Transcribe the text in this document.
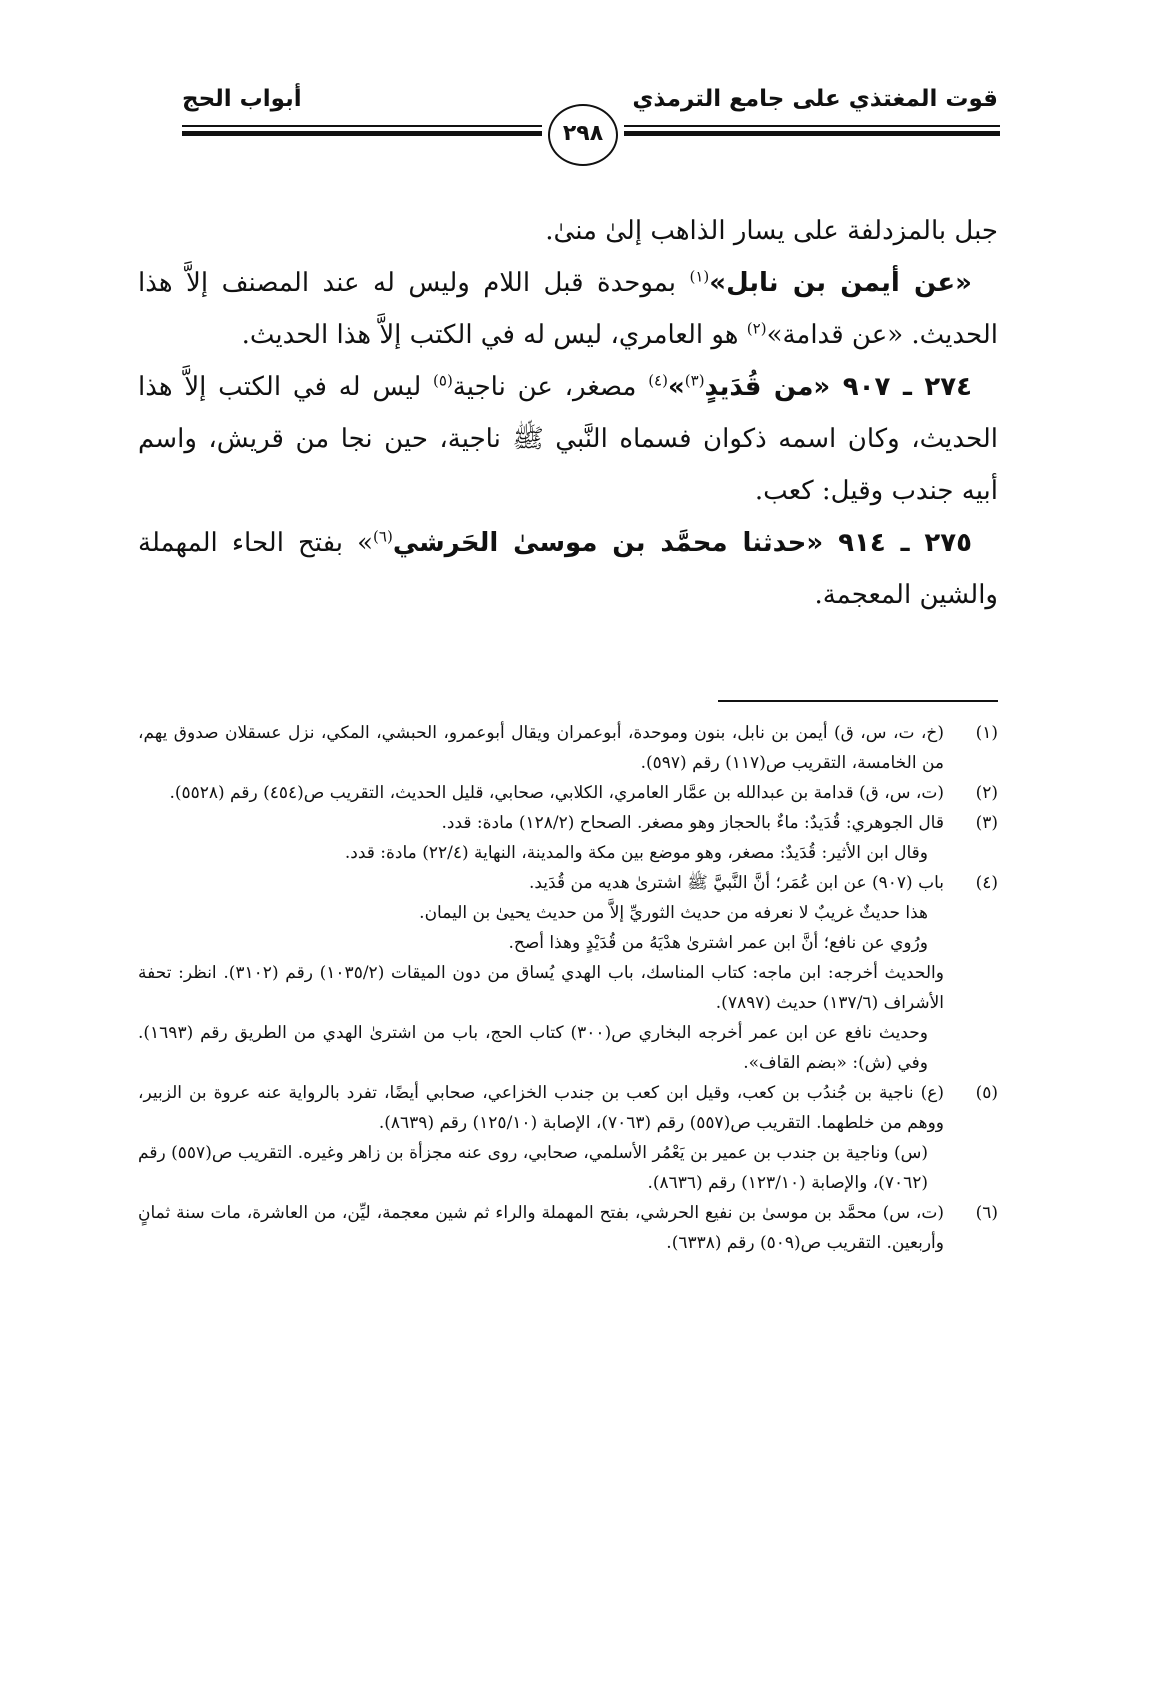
قوت المغتذي على جامع الترمذي
أبواب الحج
٢٩٨

جبل بالمزدلفة على يسار الذاهب إلىٰ منىٰ.

«عن أيمن بن نابل»$^{(١)}$ بموحدة قبل اللام وليس له عند المصنف إلاَّ هذا الحديث. «عن قدامة»$^{(٢)}$ هو العامري، ليس له في الكتب إلاَّ هذا الحديث.

٢٧٤ ـ ٩٠٧ «من قُدَيدٍ$^{(٣)}$»$^{(٤)}$ مصغر، عن ناجية$^{(٥)}$ ليس له في الكتب إلاَّ هذا الحديث، وكان اسمه ذكوان فسماه النَّبي ﷺ ناجية، حين نجا من قريش، واسم أبيه جندب وقيل: كعب.

٢٧٥ ـ ٩١٤ «حدثنا محمَّد بن موسىٰ الحَرشي$^{(٦)}$» بفتح الحاء المهملة والشين المعجمة.

(١)
(خ، ت، س، ق) أيمن بن نابل، بنون وموحدة، أبوعمران ويقال أبوعمرو، الحبشي، المكي، نزل عسقلان صدوق يهم، من الخامسة، التقريب ص(١١٧) رقم (٥٩٧).
(٢)
(ت، س، ق) قدامة بن عبدالله بن عمَّار العامري، الكلابي، صحابي، قليل الحديث، التقريب ص(٤٥٤) رقم (٥٥٢٨).
(٣)
قال الجوهري: قُدَيدٌ: ماءٌ بالحجاز وهو مصغر. الصحاح (١٢٨/٢) مادة: قدد.
وقال ابن الأثير: قُدَيدٌ: مصغر، وهو موضع بين مكة والمدينة، النهاية (٢٢/٤) مادة: قدد.
(٤)
باب (٩٠٧) عن ابن عُمَر؛ أنَّ النَّبيَّ ﷺ اشترىٰ هديه من قُدَيد.
هذا حديثٌ غريبٌ لا نعرفه من حديث الثوريِّ إلاَّ من حديث يحيىٰ بن اليمان.
ورُوي عن نافع؛ أنَّ ابن عمر اشترىٰ هدْيَهُ من قُدَيْدٍ وهذا أصح.
والحديث أخرجه: ابن ماجه: كتاب المناسك، باب الهدي يُساق من دون الميقات (١٠٣٥/٢) رقم (٣١٠٢). انظر: تحفة الأشراف (١٣٧/٦) حديث (٧٨٩٧).
وحديث نافع عن ابن عمر أخرجه البخاري ص(٣٠٠) كتاب الحج، باب من اشترىٰ الهدي من الطريق رقم (١٦٩٣). وفي (ش): «بضم القاف».
(٥)
(ع) ناجية بن جُندُب بن كعب، وقيل ابن كعب بن جندب الخزاعي، صحابي أيضًا، تفرد بالرواية عنه عروة بن الزبير، ووهم من خلطهما. التقريب ص(٥٥٧) رقم (٧٠٦٣)، الإصابة (١٢٥/١٠) رقم (٨٦٣٩).
(س) وناجية بن جندب بن عمير بن يَعْمُر الأسلمي، صحابي، روى عنه مجزأة بن زاهر وغيره. التقريب ص(٥٥٧) رقم (٧٠٦٢)، والإصابة (١٢٣/١٠) رقم (٨٦٣٦).
(٦)
(ت، س) محمَّد بن موسىٰ بن نفيع الحرشي، بفتح المهملة والراء ثم شين معجمة، ليِّن، من العاشرة، مات سنة ثمانٍ وأربعين. التقريب ص(٥٠٩) رقم (٦٣٣٨).
